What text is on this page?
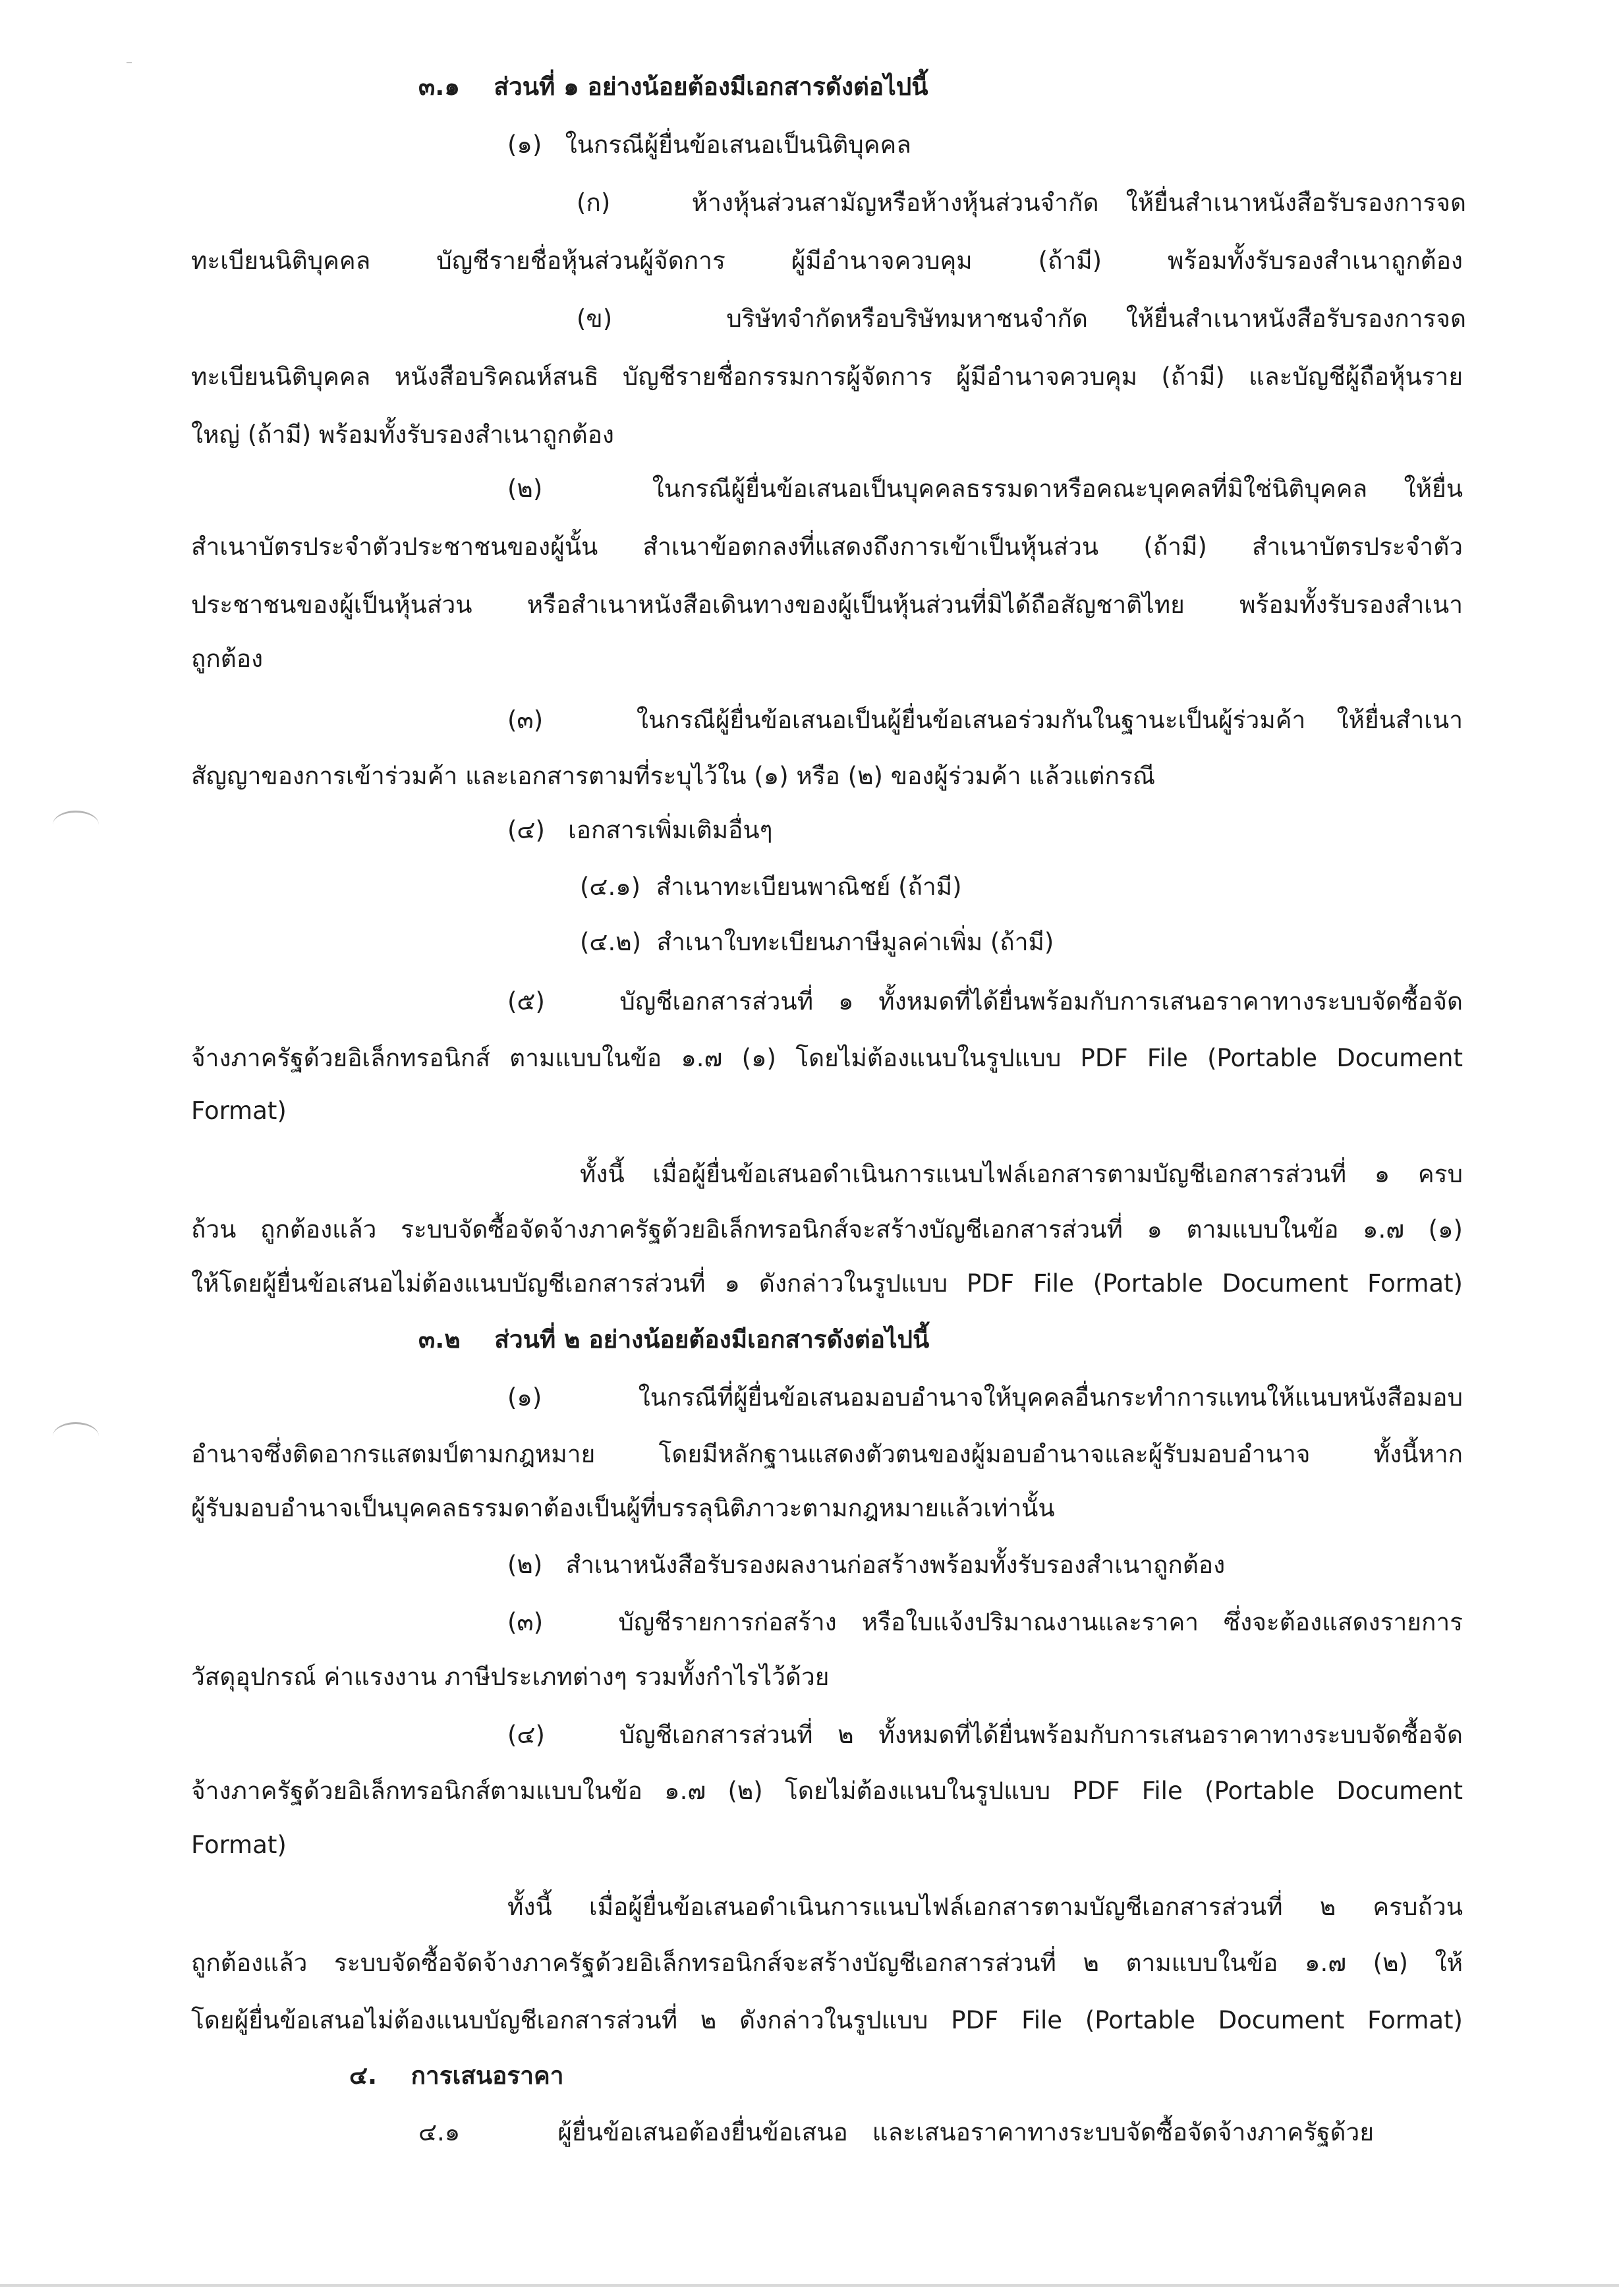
๓.๑    ส่วนที่ ๑ อย่างน้อยต้องมีเอกสารดังต่อไปนี้
(๑)   ในกรณีผู้ยื่นข้อเสนอเป็นนิติบุคคล
(ก)   ห้างหุ้นส่วนสามัญหรือห้างหุ้นส่วนจำกัด ให้ยื่นสำเนาหนังสือรับรองการจด
ทะเบียนนิติบุคคล บัญชีรายชื่อหุ้นส่วนผู้จัดการ ผู้มีอำนาจควบคุม (ถ้ามี) พร้อมทั้งรับรองสำเนาถูกต้อง
(ข)   บริษัทจำกัดหรือบริษัทมหาชนจำกัด ให้ยื่นสำเนาหนังสือรับรองการจด
ทะเบียนนิติบุคคล หนังสือบริคณห์สนธิ บัญชีรายชื่อกรรมการผู้จัดการ ผู้มีอำนาจควบคุม (ถ้ามี) และบัญชีผู้ถือหุ้นราย
ใหญ่ (ถ้ามี) พร้อมทั้งรับรองสำเนาถูกต้อง
(๒)   ในกรณีผู้ยื่นข้อเสนอเป็นบุคคลธรรมดาหรือคณะบุคคลที่มิใช่นิติบุคคล ให้ยื่น
สำเนาบัตรประจำตัวประชาชนของผู้นั้น สำเนาข้อตกลงที่แสดงถึงการเข้าเป็นหุ้นส่วน (ถ้ามี) สำเนาบัตรประจำตัว
ประชาชนของผู้เป็นหุ้นส่วน หรือสำเนาหนังสือเดินทางของผู้เป็นหุ้นส่วนที่มิได้ถือสัญชาติไทย พร้อมทั้งรับรองสำเนา
ถูกต้อง
(๓)   ในกรณีผู้ยื่นข้อเสนอเป็นผู้ยื่นข้อเสนอร่วมกันในฐานะเป็นผู้ร่วมค้า ให้ยื่นสำเนา
สัญญาของการเข้าร่วมค้า และเอกสารตามที่ระบุไว้ใน (๑) หรือ (๒) ของผู้ร่วมค้า แล้วแต่กรณี
(๔)   เอกสารเพิ่มเติมอื่นๆ
(๔.๑)  สำเนาทะเบียนพาณิชย์ (ถ้ามี)
(๔.๒)  สำเนาใบทะเบียนภาษีมูลค่าเพิ่ม (ถ้ามี)
(๕)   บัญชีเอกสารส่วนที่ ๑ ทั้งหมดที่ได้ยื่นพร้อมกับการเสนอราคาทางระบบจัดซื้อจัด
จ้างภาครัฐด้วยอิเล็กทรอนิกส์ ตามแบบในข้อ ๑.๗ (๑) โดยไม่ต้องแนบในรูปแบบ PDF File (Portable Document
Format)
ทั้งนี้ เมื่อผู้ยื่นข้อเสนอดำเนินการแนบไฟล์เอกสารตามบัญชีเอกสารส่วนที่ ๑ ครบ
ถ้วน ถูกต้องแล้ว ระบบจัดซื้อจัดจ้างภาครัฐด้วยอิเล็กทรอนิกส์จะสร้างบัญชีเอกสารส่วนที่ ๑ ตามแบบในข้อ ๑.๗ (๑)
ให้โดยผู้ยื่นข้อเสนอไม่ต้องแนบบัญชีเอกสารส่วนที่ ๑ ดังกล่าวในรูปแบบ PDF File (Portable Document Format)
๓.๒    ส่วนที่ ๒ อย่างน้อยต้องมีเอกสารดังต่อไปนี้
(๑)   ในกรณีที่ผู้ยื่นข้อเสนอมอบอำนาจให้บุคคลอื่นกระทำการแทนให้แนบหนังสือมอบ
อำนาจซึ่งติดอากรแสตมป์ตามกฎหมาย โดยมีหลักฐานแสดงตัวตนของผู้มอบอำนาจและผู้รับมอบอำนาจ ทั้งนี้หาก
ผู้รับมอบอำนาจเป็นบุคคลธรรมดาต้องเป็นผู้ที่บรรลุนิติภาวะตามกฎหมายแล้วเท่านั้น
(๒)   สำเนาหนังสือรับรองผลงานก่อสร้างพร้อมทั้งรับรองสำเนาถูกต้อง
(๓)   บัญชีรายการก่อสร้าง หรือใบแจ้งปริมาณงานและราคา ซึ่งจะต้องแสดงรายการ
วัสดุอุปกรณ์ ค่าแรงงาน ภาษีประเภทต่างๆ รวมทั้งกำไรไว้ด้วย
(๔)   บัญชีเอกสารส่วนที่ ๒ ทั้งหมดที่ได้ยื่นพร้อมกับการเสนอราคาทางระบบจัดซื้อจัด
จ้างภาครัฐด้วยอิเล็กทรอนิกส์ตามแบบในข้อ ๑.๗ (๒) โดยไม่ต้องแนบในรูปแบบ PDF File (Portable Document
Format)
ทั้งนี้ เมื่อผู้ยื่นข้อเสนอดำเนินการแนบไฟล์เอกสารตามบัญชีเอกสารส่วนที่ ๒ ครบถ้วน
ถูกต้องแล้ว ระบบจัดซื้อจัดจ้างภาครัฐด้วยอิเล็กทรอนิกส์จะสร้างบัญชีเอกสารส่วนที่ ๒ ตามแบบในข้อ ๑.๗ (๒) ให้
โดยผู้ยื่นข้อเสนอไม่ต้องแนบบัญชีเอกสารส่วนที่ ๒ ดังกล่าวในรูปแบบ PDF File (Portable Document Format)
๔.    การเสนอราคา
๔.๑    ผู้ยื่นข้อเสนอต้องยื่นข้อเสนอ และเสนอราคาทางระบบจัดซื้อจัดจ้างภาครัฐด้วย
